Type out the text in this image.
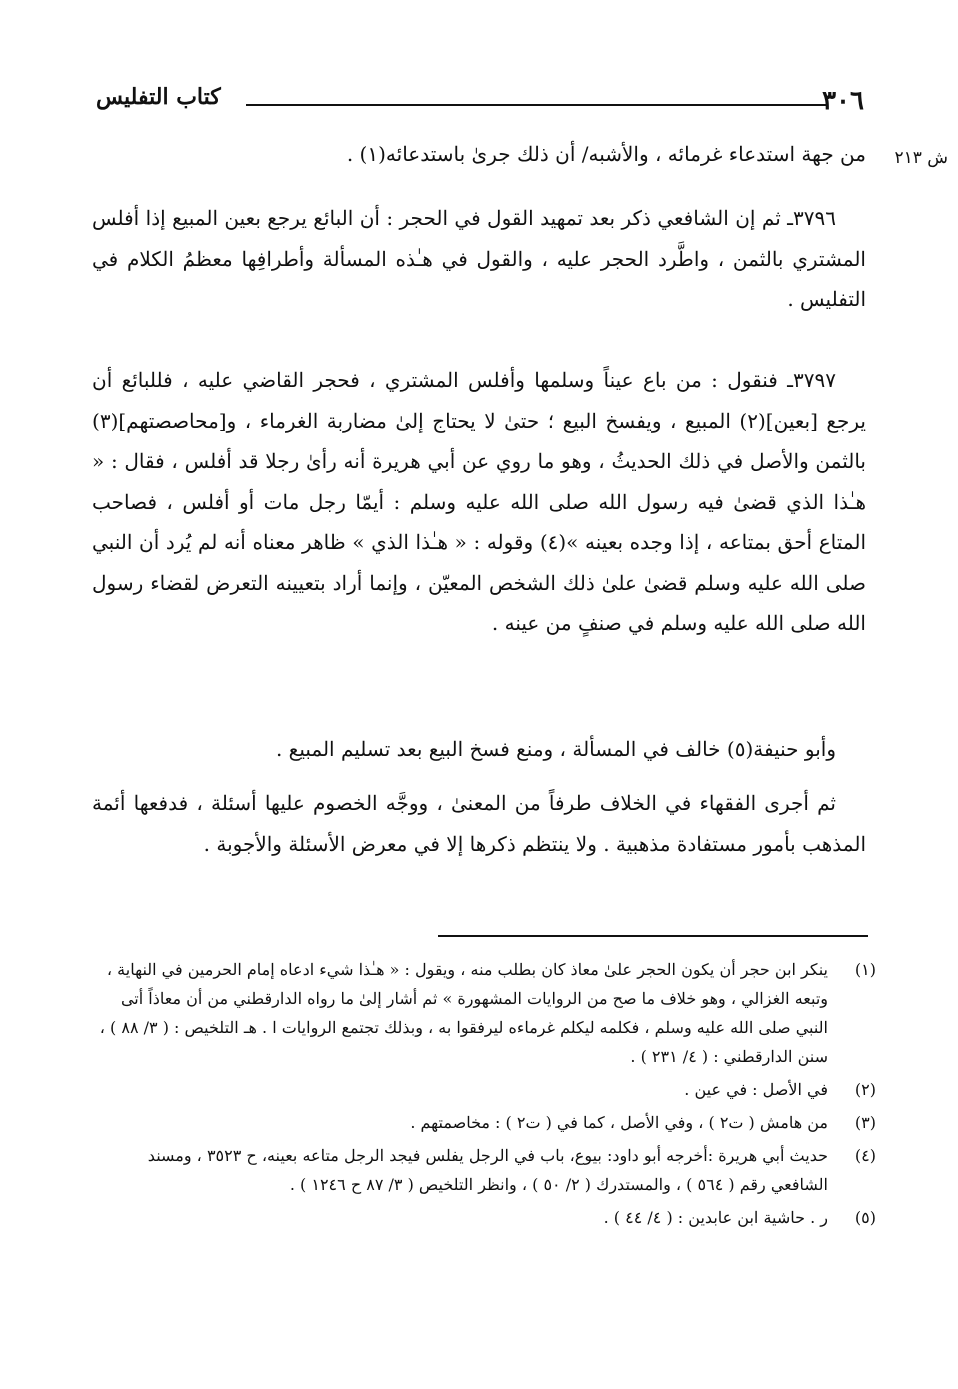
٣٠٦
كتاب التفليس
ش ٢١٣

من جهة استدعاء غرمائه ، والأشبه/ أن ذلك جرىٰ باستدعائه(١) .

٣٧٩٦ـ ثم إن الشافعي ذكر بعد تمهيد القول في الحجر : أن البائع يرجع بعين المبيع إذا أفلس المشتري بالثمن ، واطَّرد الحجر عليه ، والقول في هـٰذه المسألة وأطرافِها معظمُ الكلام في التفليس .

٣٧٩٧ـ فنقول : من باع عيناً وسلمها وأفلس المشتري ، فحجر القاضي عليه ، فللبائع أن يرجع [بعين](٢) المبيع ، ويفسخ البيع ؛ حتىٰ لا يحتاج إلىٰ مضاربة الغرماء ، و[محاصصتهم](٣) بالثمن والأصل في ذلك الحديثُ ، وهو ما روي عن أبي هريرة أنه رأىٰ رجلا قد أفلس ، فقال : « هـٰذا الذي قضىٰ فيه رسول الله صلى الله عليه وسلم : أيمّا رجل مات أو أفلس ، فصاحب المتاع أحق بمتاعه ، إذا وجده بعينه »(٤) وقوله : « هـٰذا الذي » ظاهر معناه أنه لم يُرد أن النبي صلى الله عليه وسلم قضىٰ علىٰ ذلك الشخص المعيّن ، وإنما أراد بتعيينه التعرض لقضاء رسول الله صلى الله عليه وسلم في صنفٍ من عينه .

وأبو حنيفة(٥) خالف في المسألة ، ومنع فسخ البيع بعد تسليم المبيع .

ثم أجرى الفقهاء في الخلاف طرفاً من المعنىٰ ، ووجَّه الخصوم عليها أسئلة ، فدفعها أئمة المذهب بأمور مستفادة مذهبية . ولا ينتظم ذكرها إلا في معرض الأسئلة والأجوبة .

(١)
ينكر ابن حجر أن يكون الحجر علىٰ معاذ كان بطلب منه ، ويقول : « هـٰذا شيء ادعاه إمام الحرمين في النهاية ، وتبعه الغزالي ، وهو خلاف ما صح من الروايات المشهورة » ثم أشار إلىٰ ما رواه الدارقطني من أن معاذاً أتى النبي صلى الله عليه وسلم ، فكلمه ليكلم غرماءه ليرفقوا به ، وبذلك تجتمع الروايات ا . هـ التلخيص : ( ٣/ ٨٨ ) ، سنن الدارقطني : ( ٤/ ٢٣١ ) .
(٢)
في الأصل : في عين .
(٣)
من هامش ( ت٢ ) ، وفي الأصل ، كما في ( ت٢ ) : مخاصمتهم .
(٤)
حديث أبي هريرة :أخرجه أبو داود: بيوع، باب في الرجل يفلس فيجد الرجل متاعه بعينه، ح ٣٥٢٣ ، ومسند الشافعي رقم ( ٥٦٤ ) ، والمستدرك ( ٢/ ٥٠ ) ، وانظر التلخيص ( ٣/ ٨٧ ح ١٢٤٦ ) .
(٥)
ر . حاشية ابن عابدين : ( ٤/ ٤٤ ) .
